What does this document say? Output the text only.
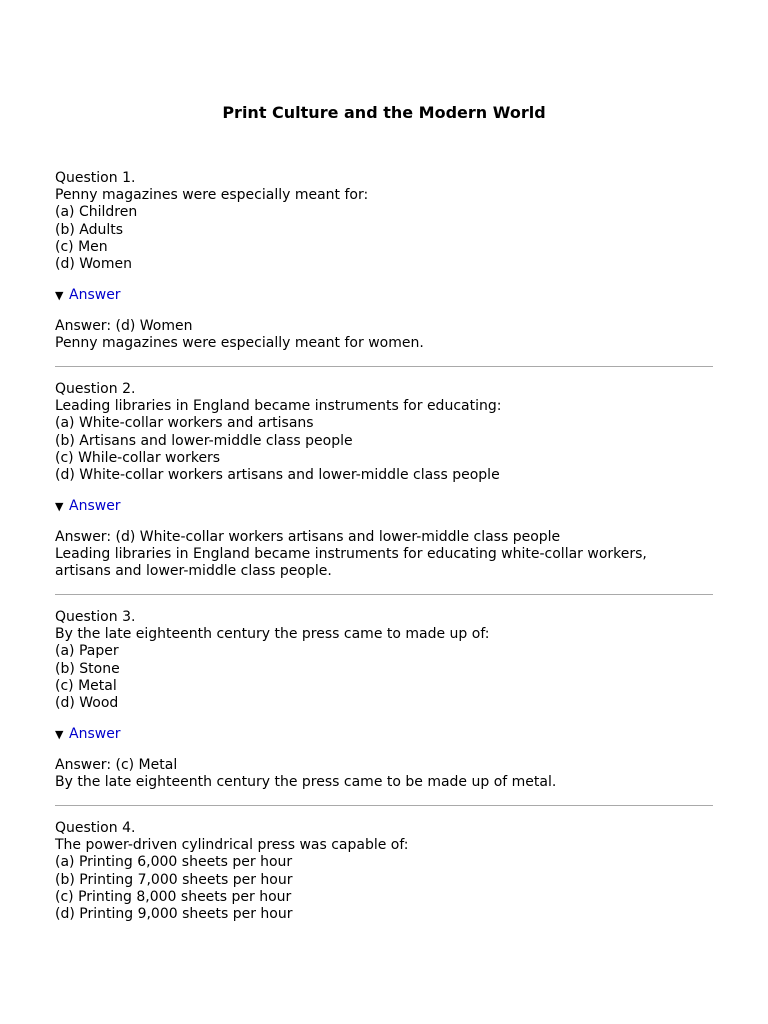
Print Culture and the Modern World
Question 1.
Penny magazines were especially meant for:
(a) Children
(b) Adults
(c) Men
(d) Women
▼ Answer
Answer: (d) Women
Penny magazines were especially meant for women.
Question 2.
Leading libraries in England became instruments for educating:
(a) White-collar workers and artisans
(b) Artisans and lower-middle class people
(c) While-collar workers
(d) White-collar workers artisans and lower-middle class people
▼ Answer
Answer: (d) White-collar workers artisans and lower-middle class people
Leading libraries in England became instruments for educating white-collar workers, artisans and lower-middle class people.
Question 3.
By the late eighteenth century the press came to made up of:
(a) Paper
(b) Stone
(c) Metal
(d) Wood
▼ Answer
Answer: (c) Metal
By the late eighteenth century the press came to be made up of metal.
Question 4.
The power-driven cylindrical press was capable of:
(a) Printing 6,000 sheets per hour
(b) Printing 7,000 sheets per hour
(c) Printing 8,000 sheets per hour
(d) Printing 9,000 sheets per hour
